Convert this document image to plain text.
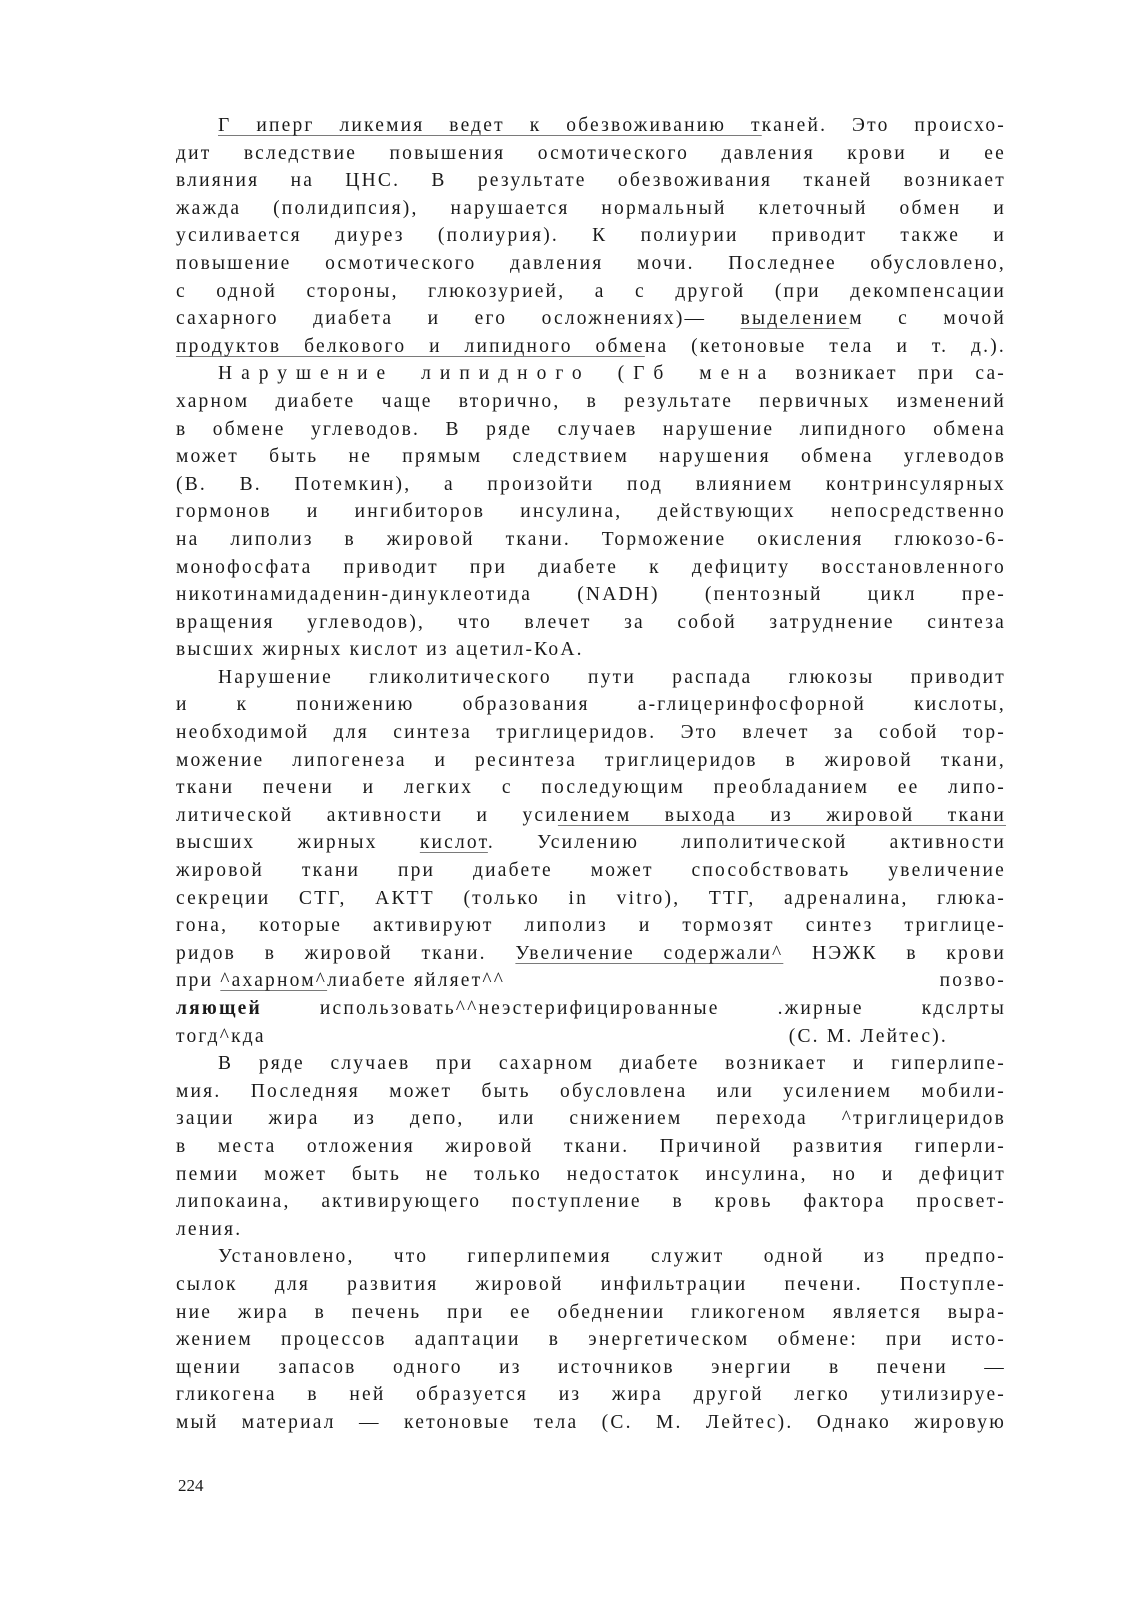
Г иперг ликемия ведет к обезвоживанию тканей. Это происхо-
дит вследствие повышения осмотического давления крови и ее
влияния на ЦНС. В результате обезвоживания тканей возникает
жажда (полидипсия), нарушается нормальный клеточный обмен и
усиливается диурез (полиурия). К полиурии приводит также и
повышение осмотического давления мочи. Последнее обусловлено,
с одной стороны, глюкозурией, а с другой (при декомпенсации
сахарного диабета и его осложнениях)— выделением с мочой
продуктов белкового и липидного обмена (кетоновые тела и т. д.).
Нарушение липидного (Гб мена возникает при са-
харном диабете чаще вторично, в результате первичных изменений
в обмене углеводов. В ряде случаев нарушение липидного обмена
может быть не прямым следствием нарушения обмена углеводов
(В. В. Потемкин), а произойти под влиянием контринсулярных
гормонов и ингибиторов инсулина, действующих непосредственно
на липолиз в жировой ткани. Торможение окисления глюкозо-6-
монофосфата приводит при диабете к дефициту восстановленного
никотинамидаденин-динуклеотида (NADH) (пентозный цикл пре-
вращения углеводов), что влечет за собой затруднение синтеза
высших жирных кислот из ацетил-КоА.
Нарушение гликолитического пути распада глюкозы приводит
и к понижению образования а-глицеринфосфорной кислоты,
необходимой для синтеза триглицеридов. Это влечет за собой тор-
можение липогенеза и ресинтеза триглицеридов в жировой ткани,
ткани печени и легких с последующим преобладанием ее липо-
литической активности и усилением выхода из жировой ткани
высших жирных кислот. Усилению липолитической активности
жировой ткани при диабете может способствовать увеличение
секреции СТГ, АКТТ (только in vitro), ТТГ, адреналина, глюка-
гона, которые активируют липолиз и тормозят синтез триглице-
ридов в жировой ткани. Увеличение содержали^ НЭЖК в крови
при ^ахарном^лиабете яйляет^^	позво-
ляющей использовать^^неэстерифицированные .жирные кдслрты
тогд^кда	(С. М. Лейтес).
В ряде случаев при сахарном диабете возникает и гиперлипе-
мия. Последняя может быть обусловлена или усилением мобили-
зации жира из депо, или снижением перехода ^триглицеридов
в места отложения жировой ткани. Причиной развития гиперли-
пемии может быть не только недостаток инсулина, но и дефицит
липокаина, активирующего поступление в кровь фактора просвет-
ления.
Установлено, что гиперлипемия служит одной из предпо-
сылок для развития жировой инфильтрации печени. Поступле-
ние жира в печень при ее обеднении гликогеном является выра-
жением процессов адаптации в энергетическом обмене: при исто-
щении запасов одного из источников энергии в печени —
гликогена в ней образуется из жира другой легко утилизируе-
мый материал — кетоновые тела (С. М. Лейтес). Однако жировую
224
